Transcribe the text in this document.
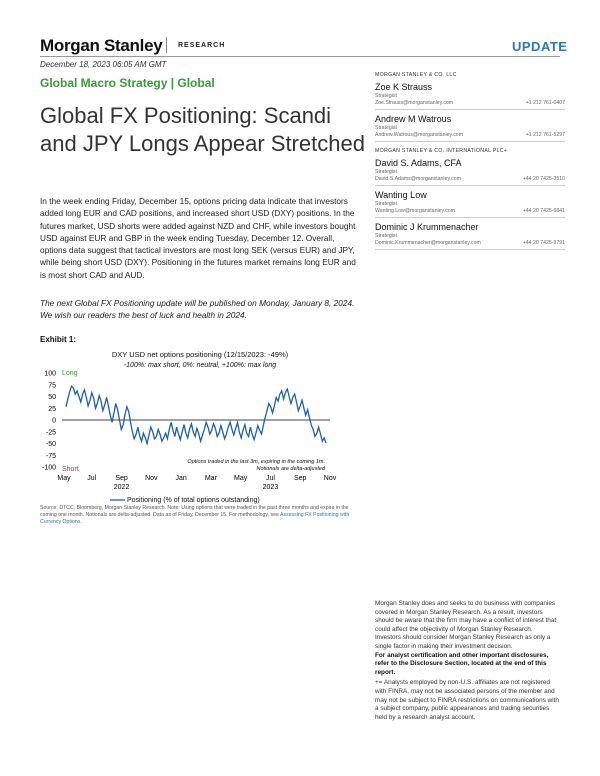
Morgan Stanley RESEARCH	UPDATE
December 18, 2023 06:05 AM GMT
Global Macro Strategy | Global
Global FX Positioning: Scandi and JPY Longs Appear Stretched
MORGAN STANLEY & CO. LLC
Zoe K Strauss
Strategist
Zoe.Strauss@morganstanley.com	+1 212 761-0407
Andrew M Watrous
Strategist
Andrew.Watrous@morganstanley.com	+1 212 761-5297
MORGAN STANLEY & CO. INTERNATIONAL PLC+
David S. Adams, CFA
Strategist
David.S.Adams@morganstanley.com	+44 20 7425-3510
Wanting Low
Strategist
Wanting.Low@morganstanley.com	+44 20 7425-6841
Dominic J Krummenacher
Strategist
Dominic.Krummenacher@morganstanley.com	+44 20 7425-9791
In the week ending Friday, December 15, options pricing data indicate that investors added long EUR and CAD positions, and increased short USD (DXY) positions. In the futures market, USD shorts were added against NZD and CHF, while investors bought USD against EUR and GBP in the week ending Tuesday, December 12. Overall, options data suggest that tactical investors are most long SEK (versus EUR) and JPY, while being short USD (DXY). Positioning in the futures market remains long EUR and is most short CAD and AUD.
The next Global FX Positioning update will be published on Monday, January 8, 2024. We wish our readers the best of luck and health in 2024.
Exhibit 1:
DXY USD net options positioning (12/15/2023: -49%)
-100%: max short, 0%: neutral, +100%: max long
100
75
50
25
0
-25
-50
-75
-100
May Jul	Sep Nov	Jan	Mar May	Jul	Sep Nov
2022	2023
Long
Short
Options traded in the last 3m, expiring in the coming 1m.
Notionals are delta-adjusted
Positioning (% of total options outstanding)
Source: DTCC, Bloomberg, Morgan Stanley Research. Note: Using options that were traded in the past three months and expire in the coming one month. Notionals are delta-adjusted. Data as of Friday, December 15. For methodology, see Assessing FX Positioning with Currency Options.

Morgan Stanley does and seeks to do business with companies covered in Morgan Stanley Research. As a result, investors should be aware that the firm may have a conflict of interest that could affect the objectivity of Morgan Stanley Research. Investors should consider Morgan Stanley Research as only a single factor in making their investment decision.

For analyst certification and other important disclosures, refer to the Disclosure Section, located at the end of this report.

+= Analysts employed by non-U.S. affiliates are not registered with FINRA, may not be associated persons of the member and may not be subject to FINRA restrictions on communications with a subject company, public appearances and trading securities held by a research analyst account.
